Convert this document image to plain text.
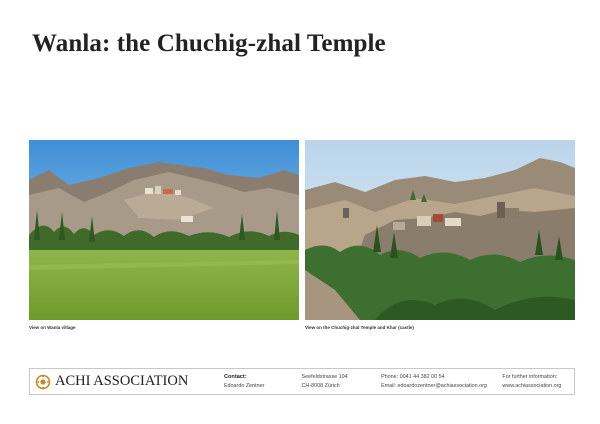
Wanla: the Chuchig-zhal Temple
View on Wanla village	View on the Chuchig-zhal Temple and Khar (castle)
ACHI ASSOCIATION	Contact:
Edoardo Zentner
Seefeldstrasse 104
CH-8008 Zürich
Phone: 0041 44 382 00 54
Email: edoardozentner@achiassociation.org
For further information:
www.achiassociation.org
